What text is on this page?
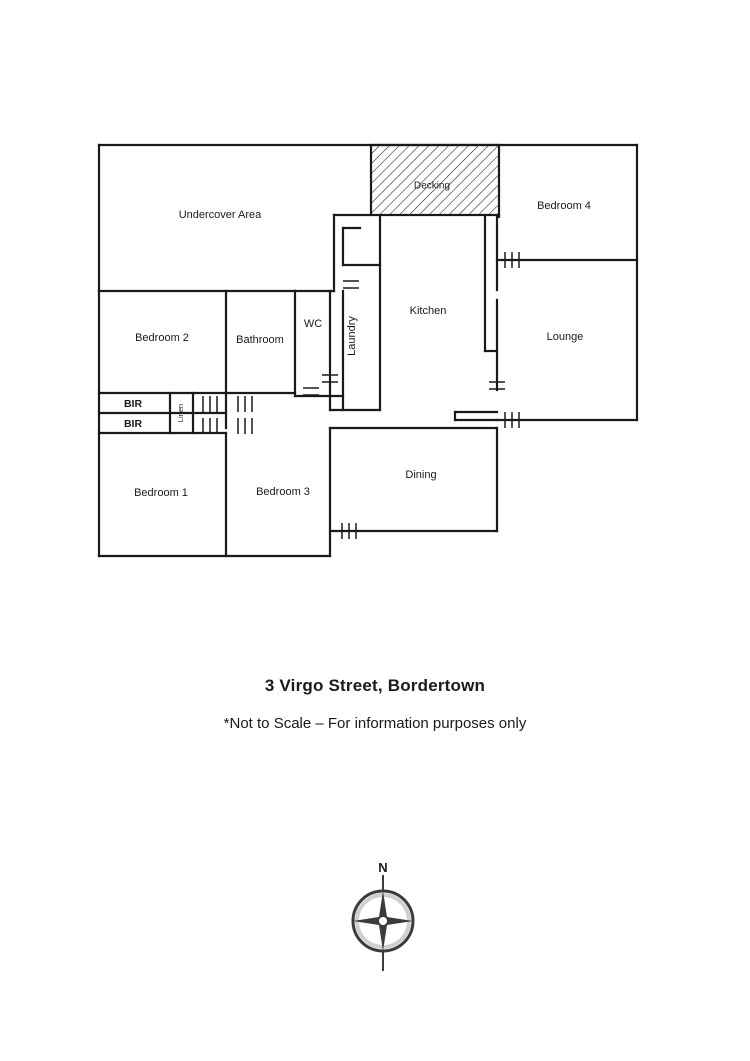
Undercover Area
Decking
Bedroom 4
Lounge
Kitchen
Laundry
WC
Bathroom
Bedroom 2
Bedroom 1	Bedroom 3
Dining
BIR
BIR
Linen
3 Virgo Street, Bordertown
*Not to Scale – For information purposes only
N
